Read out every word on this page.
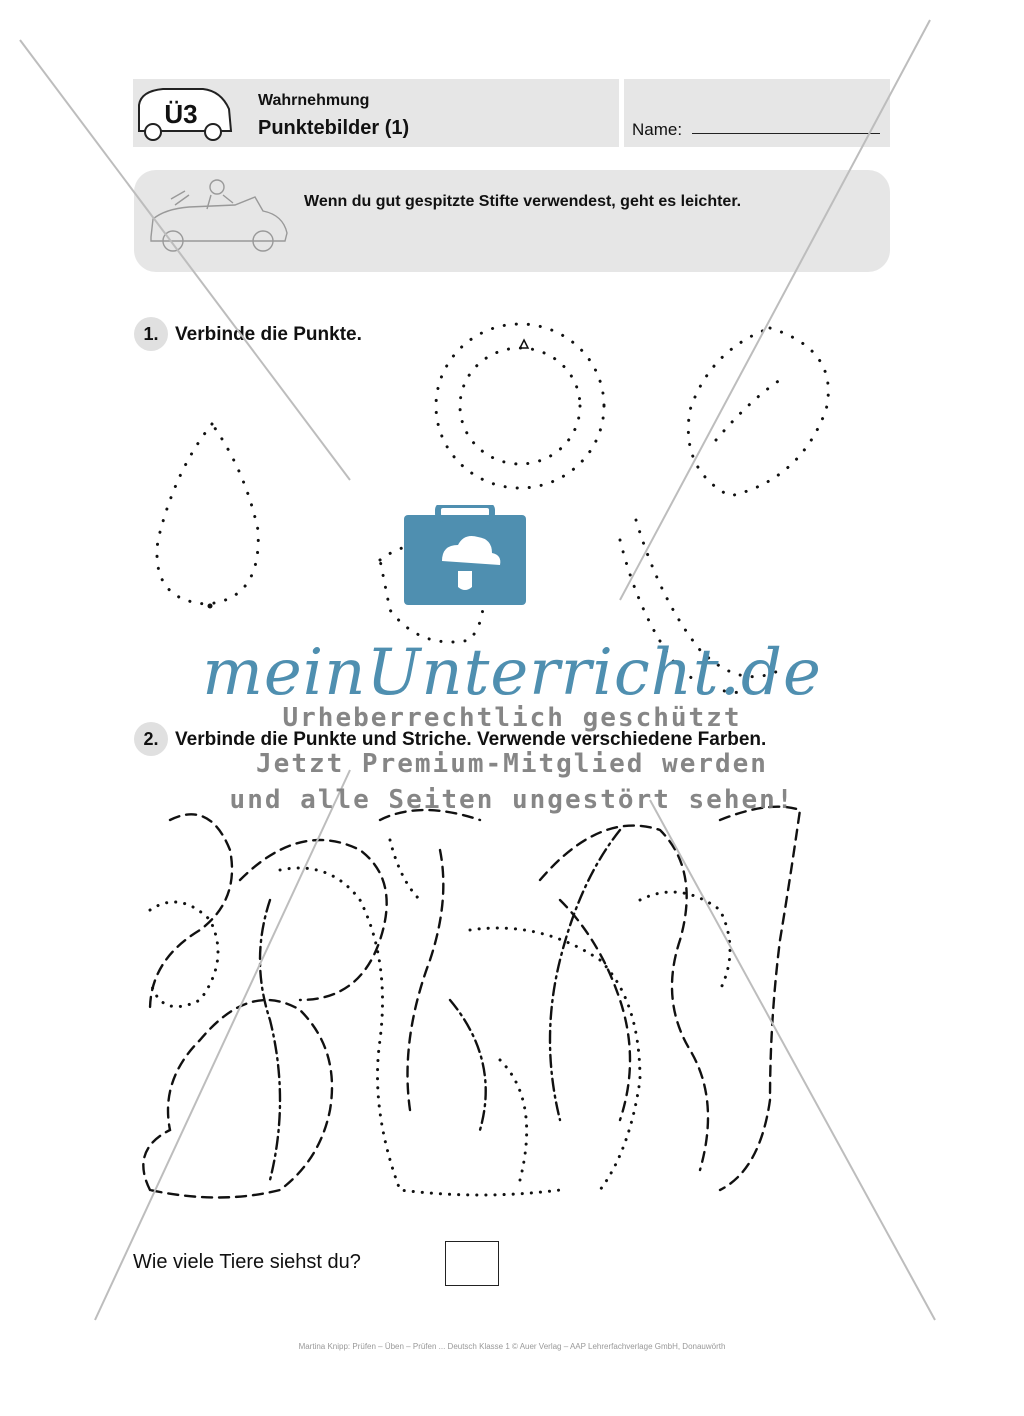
Ü3	Wahrnehmung
Punktebilder (1)	Name:
Wenn du gut gespitzte Stifte verwendest, geht es leichter.
1. Verbinde die Punkte.
2. Verbinde die Punkte und Striche. Verwende verschiedene Farben.
Wie viele Tiere siehst du?
meinUnterricht.de
Urheberrechtlich geschützt
Jetzt Premium-Mitglied werden
und alle Seiten ungestört sehen!
Martina Knipp: Prüfen – Üben – Prüfen ... Deutsch Klasse 1 © Auer Verlag – AAP Lehrerfachverlage GmbH, Donauwörth
